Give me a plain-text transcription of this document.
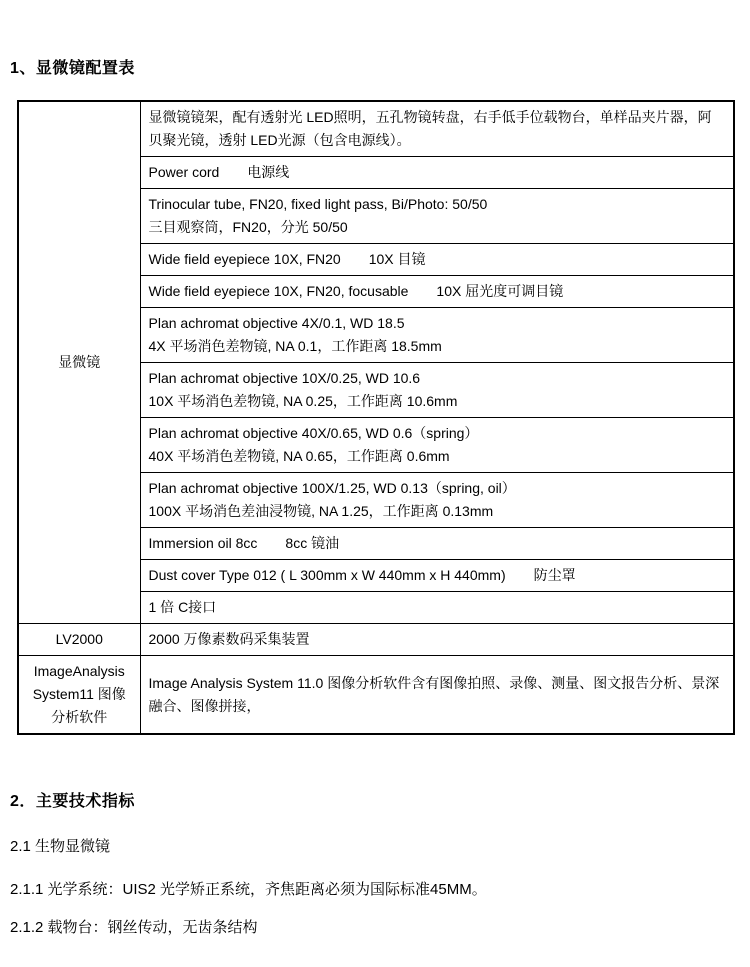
1、显微镜配置表
显微镜	显微镜镜架，配有透射光 LED照明，五孔物镜转盘，右手低手位载物台，单样品夹片器，阿贝聚光镜，透射 LED光源（包含电源线）。

	Power cord　　电源线

	Trinocular tube, FN20, fixed light pass, Bi/Photo: 50/50
三目观察筒，FN20，分光 50/50

	Wide field eyepiece 10X, FN20　　10X 目镜

	Wide field eyepiece 10X, FN20, focusable　　10X 屈光度可调目镜

	Plan achromat objective 4X/0.1, WD 18.5
4X 平场消色差物镜, NA 0.1，工作距离 18.5mm

	Plan achromat objective 10X/0.25, WD 10.6
10X 平场消色差物镜, NA 0.25，工作距离 10.6mm

	Plan achromat objective 40X/0.65, WD 0.6（spring）
40X 平场消色差物镜, NA 0.65，工作距离 0.6mm

	Plan achromat objective 100X/1.25, WD 0.13（spring, oil）
100X 平场消色差油浸物镜, NA 1.25，工作距离 0.13mm

	Immersion oil 8cc　　8cc 镜油

	Dust cover Type 012 ( L 300mm x W 440mm x H 440mm)　　防尘罩

	1 倍 C接口

LV2000	2000 万像素数码采集装置

ImageAnalysis System11 图像分析软件	Image Analysis System 11.0 图像分析软件含有图像拍照、录像、测量、图文报告分析、景深融合、图像拼接，
2．主要技术指标
2.1 生物显微镜
2.1.1 光学系统：UIS2 光学矫正系统，齐焦距离必须为国际标准45MM。
2.1.2 载物台：钢丝传动，无齿条结构
